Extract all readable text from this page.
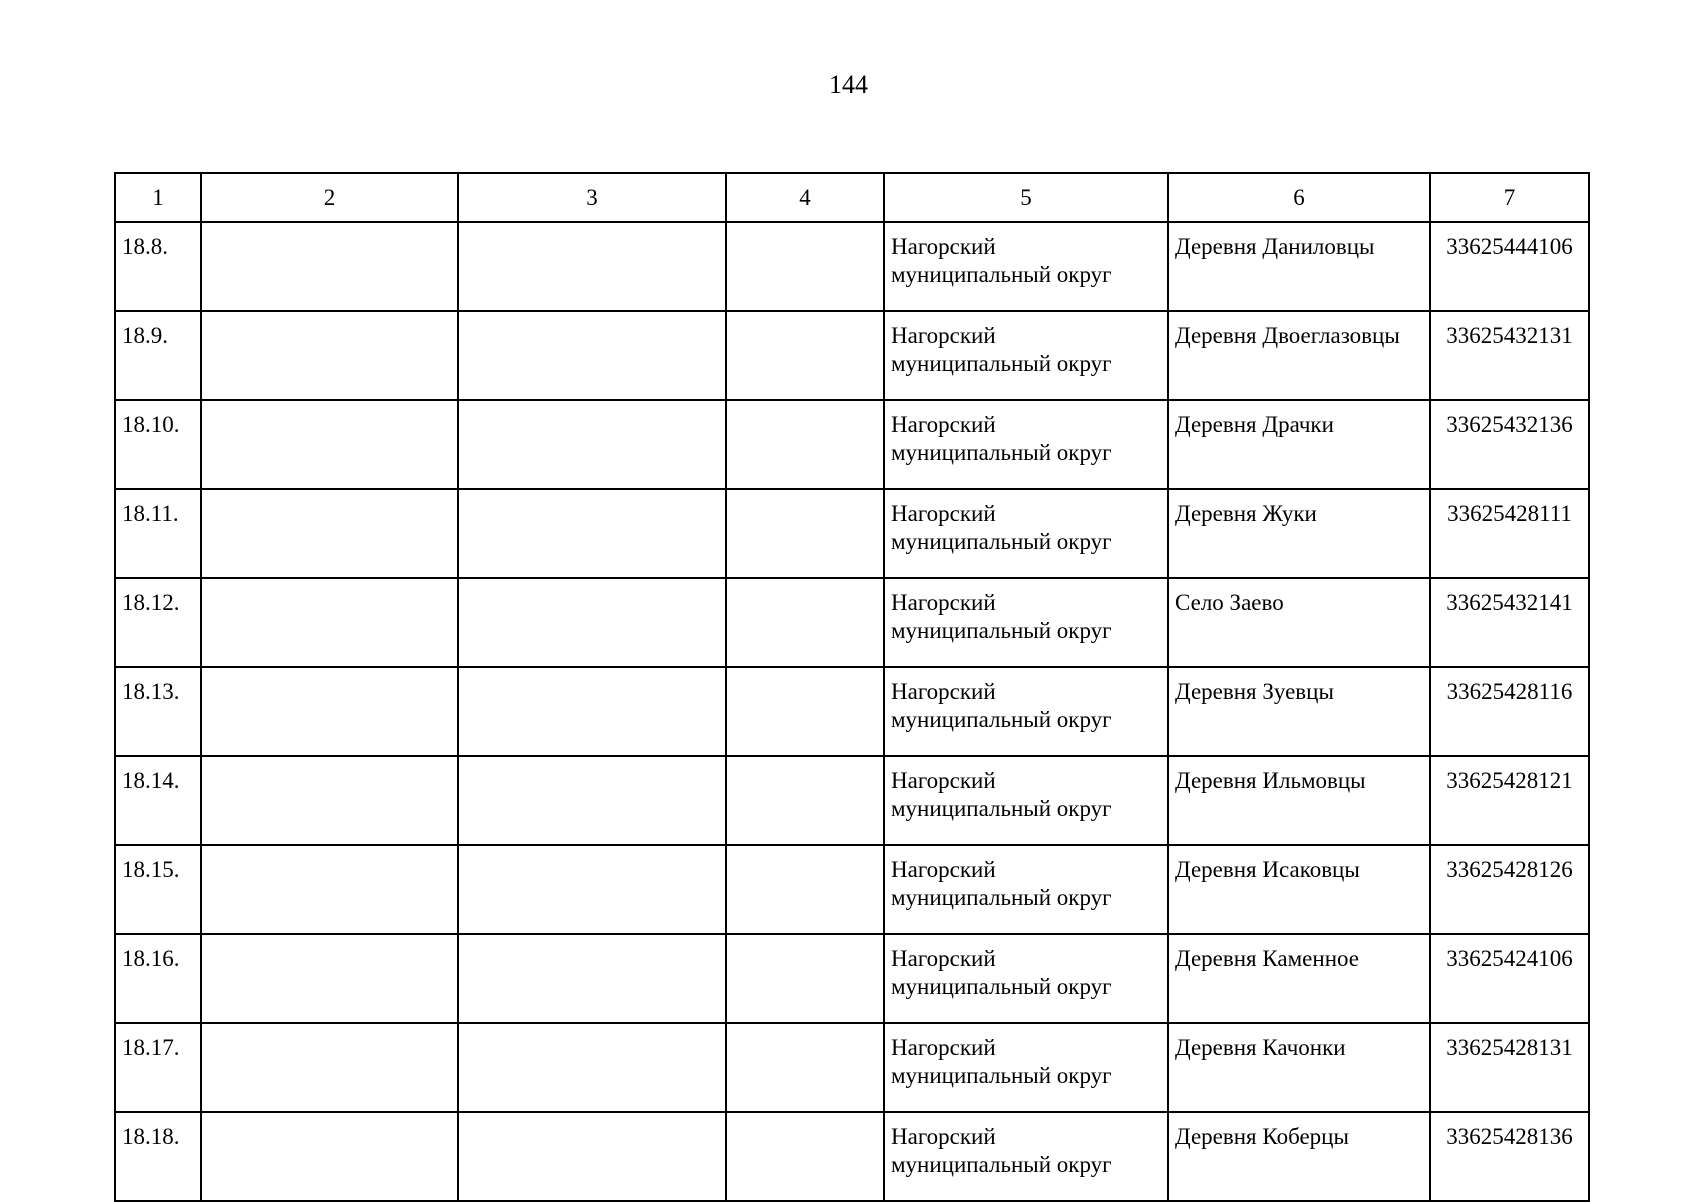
144
1	2	3	4	5	6	7
18.8.				Нагорский муниципальный округ	Деревня Даниловцы	33625444106
18.9.				Нагорский муниципальный округ	Деревня Двоеглазовцы	33625432131
18.10.				Нагорский муниципальный округ	Деревня Драчки	33625432136
18.11.				Нагорский муниципальный округ	Деревня Жуки	33625428111
18.12.				Нагорский муниципальный округ	Село Заево	33625432141
18.13.				Нагорский муниципальный округ	Деревня Зуевцы	33625428116
18.14.				Нагорский муниципальный округ	Деревня Ильмовцы	33625428121
18.15.				Нагорский муниципальный округ	Деревня Исаковцы	33625428126
18.16.				Нагорский муниципальный округ	Деревня Каменное	33625424106
18.17.				Нагорский муниципальный округ	Деревня Качонки	33625428131
18.18.				Нагорский муниципальный округ	Деревня Коберцы	33625428136
